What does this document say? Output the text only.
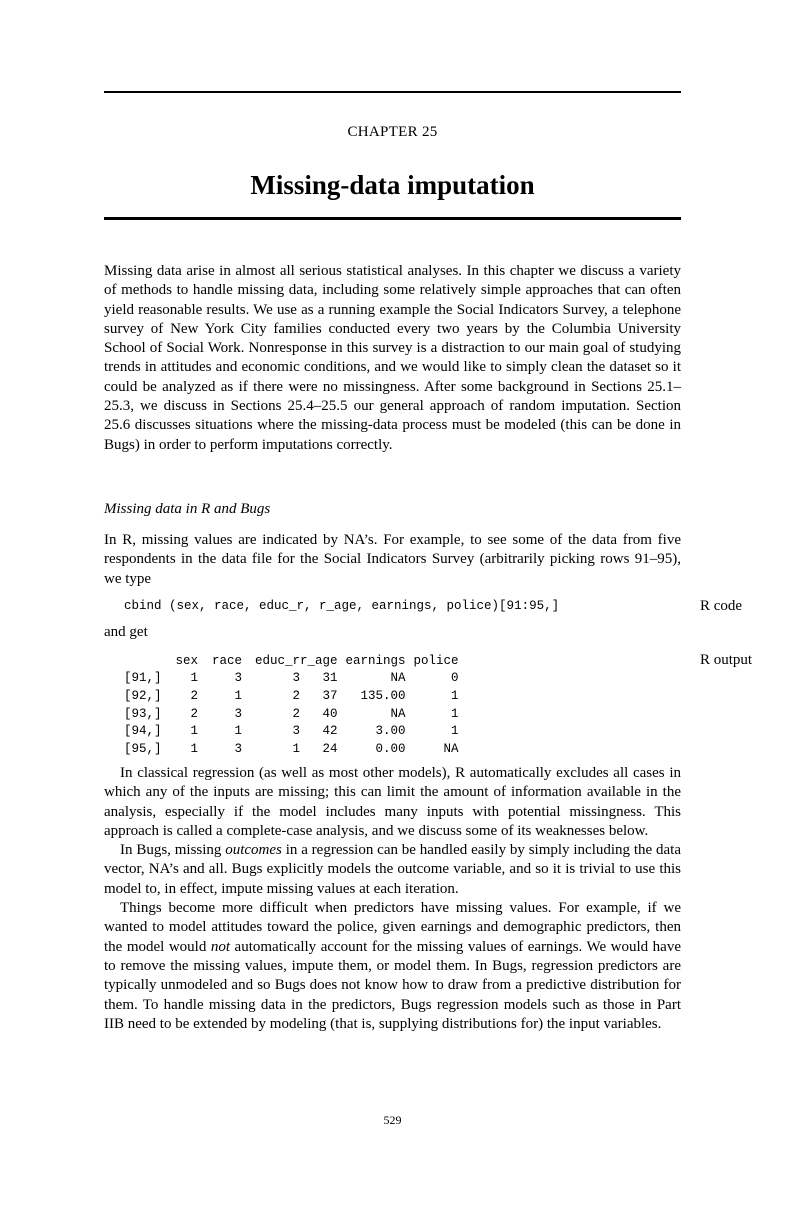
CHAPTER 25
Missing-data imputation

Missing data arise in almost all serious statistical analyses. In this chapter we discuss a variety of methods to handle missing data, including some relatively simple approaches that can often yield reasonable results. We use as a running example the Social Indicators Survey, a telephone survey of New York City families conducted every two years by the Columbia University School of Social Work. Nonresponse in this survey is a distraction to our main goal of studying trends in attitudes and economic conditions, and we would like to simply clean the dataset so it could be analyzed as if there were no missingness. After some background in Sections 25.1–25.3, we discuss in Sections 25.4–25.5 our general approach of random imputation. Section 25.6 discusses situations where the missing-data process must be modeled (this can be done in Bugs) in order to perform imputations correctly.

Missing data in R and Bugs

In R, missing values are indicated by NA’s. For example, to see some of the data from five respondents in the data file for the Social Indicators Survey (arbitrarily picking rows 91–95), we type

cbind (sex, race, educ_r, r_age, earnings, police)[91:95,]	R code
and get
R output
	sex	race	educ_r	r_age	earnings	police
[91,]	1	3	3	31	NA	0
[92,]	2	1	2	37	135.00	1
[93,]	2	3	2	40	NA	1
[94,]	1	1	3	42	3.00	1
[95,]	1	3	1	24	0.00	NA

In classical regression (as well as most other models), R automatically excludes all cases in which any of the inputs are missing; this can limit the amount of information available in the analysis, especially if the model includes many inputs with potential missingness. This approach is called a complete-case analysis, and we discuss some of its weaknesses below.

In Bugs, missing outcomes in a regression can be handled easily by simply including the data vector, NA’s and all. Bugs explicitly models the outcome variable, and so it is trivial to use this model to, in effect, impute missing values at each iteration.

Things become more difficult when predictors have missing values. For example, if we wanted to model attitudes toward the police, given earnings and demographic predictors, then the model would not automatically account for the missing values of earnings. We would have to remove the missing values, impute them, or model them. In Bugs, regression predictors are typically unmodeled and so Bugs does not know how to draw from a predictive distribution for them. To handle missing data in the predictors, Bugs regression models such as those in Part IIB need to be extended by modeling (that is, supplying distributions for) the input variables.

529
